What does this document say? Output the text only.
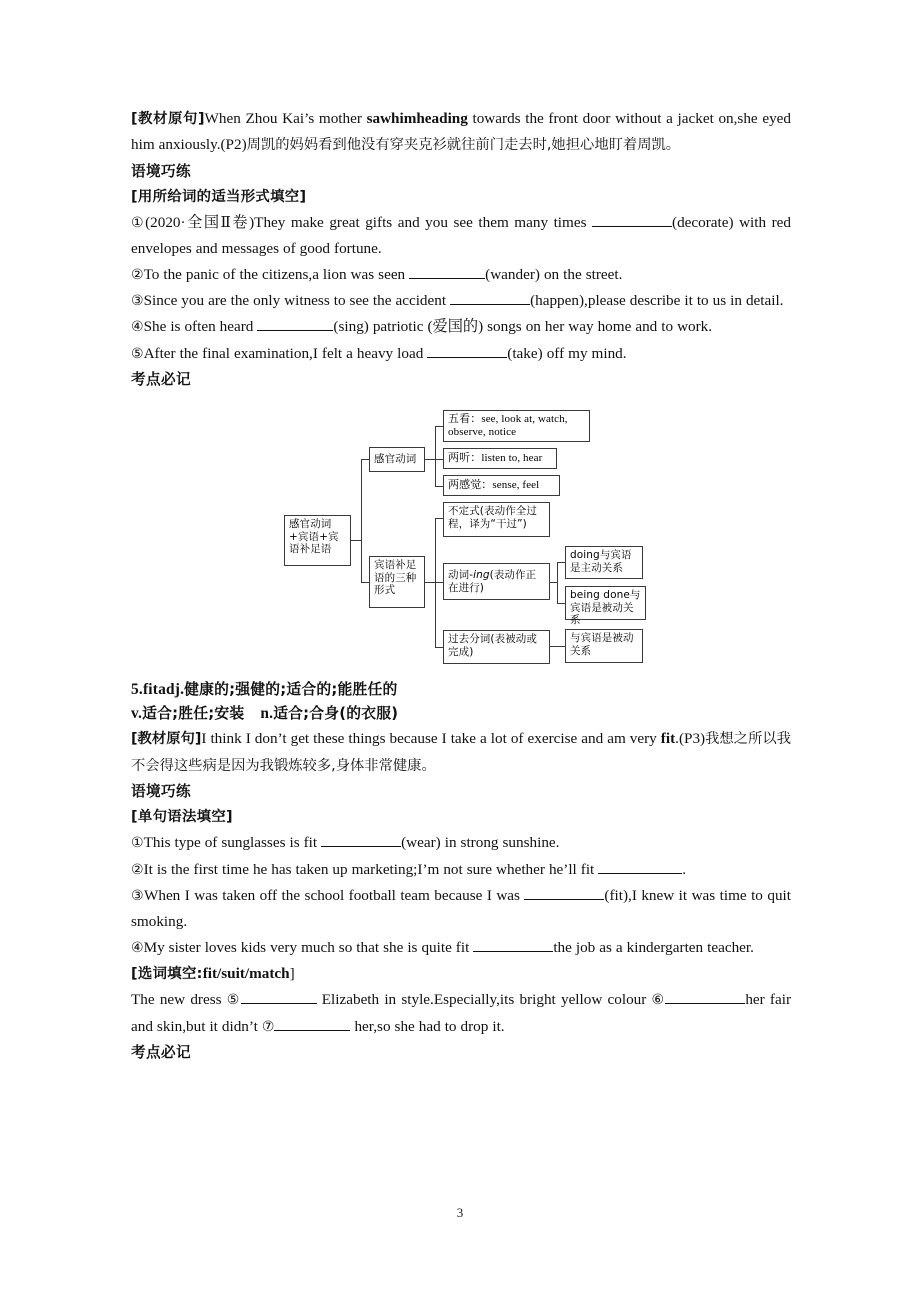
[教材原句]When Zhou Kai’s mother sawhimheading towards the front door without a jacket on,she eyed him anxiously.(P2)周凯的妈妈看到他没有穿夹克衫就往前门走去时,她担心地盯着周凯。

语境巧练

[用所给词的适当形式填空]

①(2020·全国Ⅱ卷)They make great gifts and you see them many times	(decorate) with red envelopes and messages of good fortune.

②To the panic of the citizens,a lion was seen	(wander) on the street.

③Since you are the only witness to see the accident	(happen),please describe it to us in detail.

④She is often heard	(sing) patriotic (爱国的) songs on her way home and to work.

⑤After the final examination,I felt a heavy load	(take) off my mind.

考点必记

感官动词+宾语+宾语补足语
感官动词
宾语补足语的三种形式
五看：see, look at, watch, observe, notice
两听：listen to, hear
两感觉：sense, feel
不定式(表动作全过程，译为“干过”)
动词-ing(表动作正在进行)
过去分词(表被动或完成)
doing与宾语是主动关系
being done与宾语是被动关系
与宾语是被动关系

5.fitadj.健康的;强健的;适合的;能胜任的

v.适合;胜任;安装 n.适合;合身(的衣服)

[教材原句]I think I don’t get these things because I take a lot of exercise and am very fit.(P3)我想之所以我不会得这些病是因为我锻炼较多,身体非常健康。

语境巧练

[单句语法填空]

①This type of sunglasses is fit	(wear) in strong sunshine.

②It is the first time he has taken up marketing;I’m not sure whether he’ll fit	.

③When I was taken off the school football team because I was	(fit),I knew it was time to quit smoking.

④My sister loves kids very much so that she is quite fit	the job as a kindergarten teacher.

[选词填空:fit/suit/match]

The new dress ⑤	Elizabeth in style.Especially,its bright yellow colour ⑥	her fair and skin,but it didn’t ⑦	her,so she had to drop it.

考点必记

3
